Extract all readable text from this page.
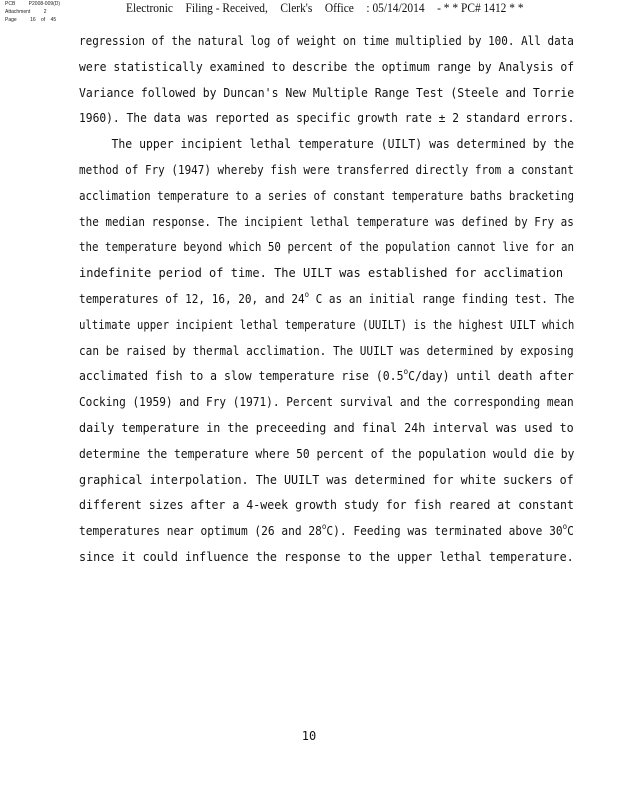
PCB	P2008-009(D)
Attachment	2
Page	16 of 45
Electronic Filing - Received, Clerk's Office : 05/14/2014 - * * PC# 1412 * *
regression of the natural log of weight on time multiplied by 100. All data
were statistically examined to describe the optimum range by Analysis of
Variance followed by Duncan's New Multiple Range Test (Steele and Torrie
1960). The data was reported as specific growth rate ± 2 standard errors.
The upper incipient lethal temperature (UILT) was determined by the
method of Fry (1947) whereby fish were transferred directly from a constant
acclimation temperature to a series of constant temperature baths bracketing
the median response. The incipient lethal temperature was defined by Fry as
the temperature beyond which 50 percent of the population cannot live for an
indefinite period of time. The UILT was established for acclimation
temperatures of 12, 16, 20, and 24$^o$ C as an initial range finding test. The
ultimate upper incipient lethal temperature (UUILT) is the highest UILT which
can be raised by thermal acclimation. The UUILT was determined by exposing
acclimated fish to a slow temperature rise (0.5$^o$C/day) until death after
Cocking (1959) and Fry (1971). Percent survival and the corresponding mean
daily temperature in the preceeding and final 24h interval was used to
determine the temperature where 50 percent of the population would die by
graphical interpolation. The UUILT was determined for white suckers of
different sizes after a 4-week growth study for fish reared at constant
temperatures near optimum (26 and 28$^o$C). Feeding was terminated above 30$^o$C
since it could influence the response to the upper lethal temperature.
10
